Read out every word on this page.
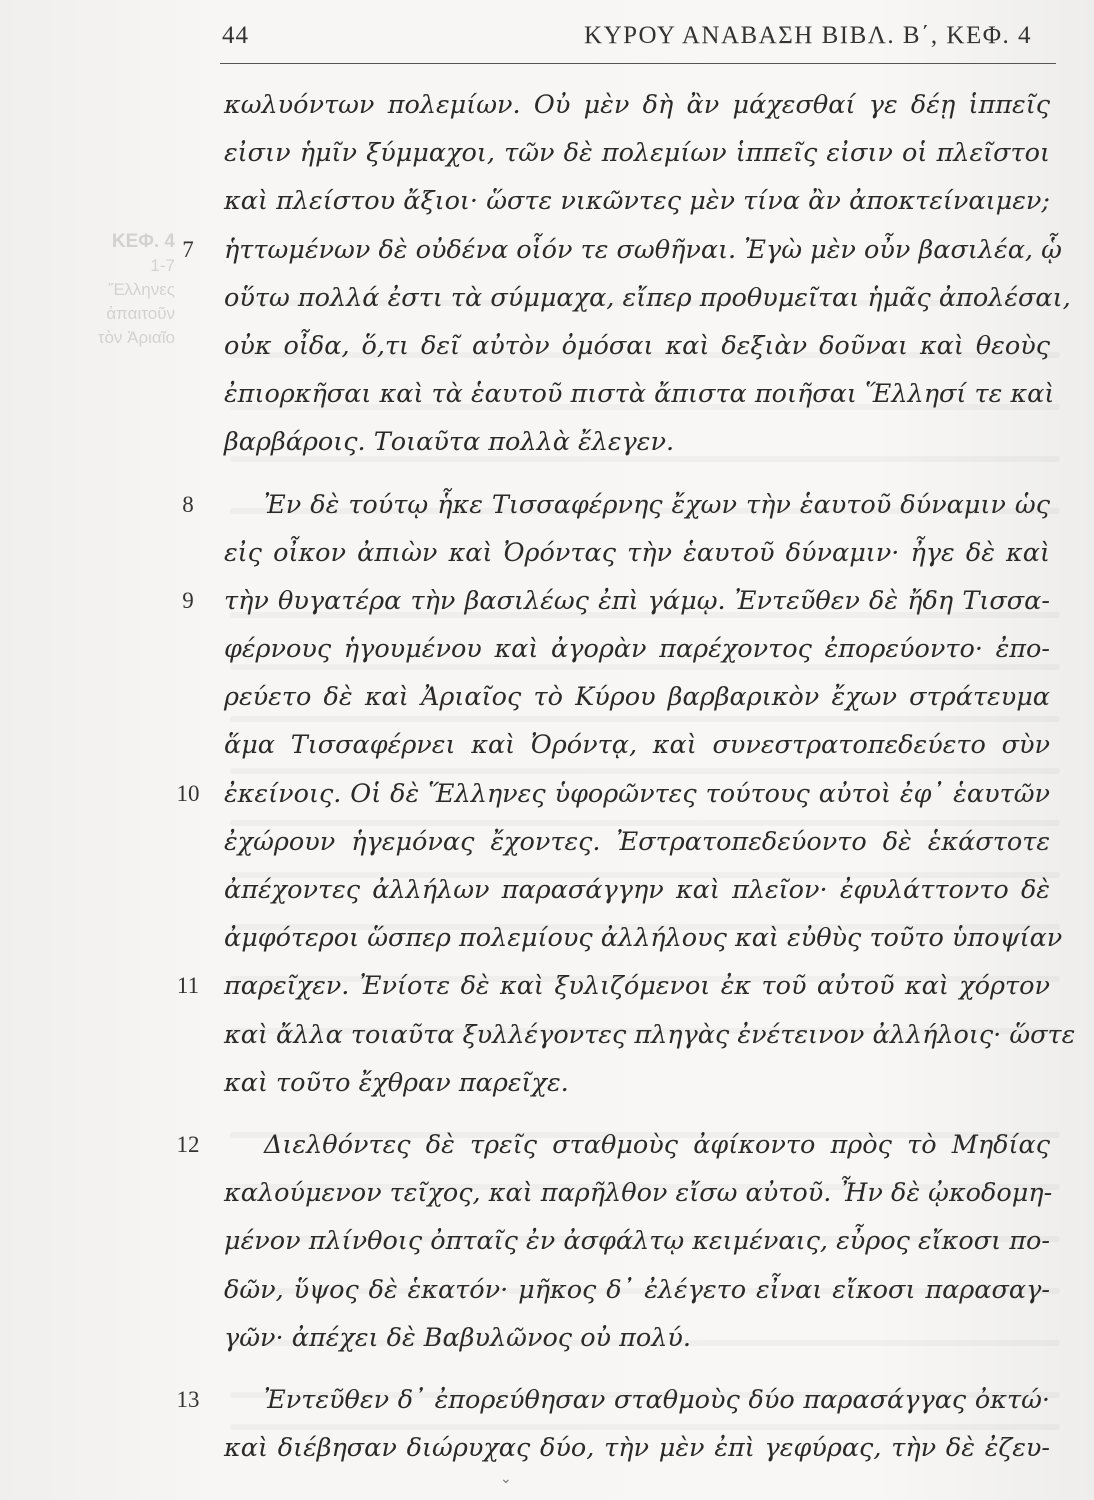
ΚΕΦ. 4
1-7
Ἕλληνες
ἀπαιτοῦν
τὸν Ἀριαῖο
44	ΚΥΡΟΥ ΑΝΑΒΑΣΗ ΒΙΒΛ. Β΄, ΚΕΦ. 4
κωλυόντων πολεμίων. Οὐ μὲν δὴ ἂν μάχεσθαί γε δέῃ ἱππεῖς
εἰσιν ἡμῖν ξύμμαχοι, τῶν δὲ πολεμίων ἱππεῖς εἰσιν οἱ πλεῖστοι
καὶ πλείστου ἄξιοι· ὥστε νικῶντες μὲν τίνα ἂν ἀποκτείναιμεν;
7	ἡττωμένων δὲ οὐδένα οἷόν τε σωθῆναι. Ἐγὼ μὲν οὖν βασιλέα, ᾧ
οὕτω πολλά ἐστι τὰ σύμμαχα, εἴπερ προθυμεῖται ἡμᾶς ἀπολέσαι,
οὐκ οἶδα, ὅ,τι δεῖ αὐτὸν ὀμόσαι καὶ δεξιὰν δοῦναι καὶ θεοὺς
ἐπιορκῆσαι καὶ τὰ ἑαυτοῦ πιστὰ ἄπιστα ποιῆσαι Ἕλλησί τε καὶ
βαρβάροις. Τοιαῦτα πολλὰ ἔλεγεν.
8	Ἐν δὲ τούτῳ ἧκε Τισσαφέρνης ἔχων τὴν ἑαυτοῦ δύναμιν ὡς
εἰς οἶκον ἀπιὼν καὶ Ὀρόντας τὴν ἑαυτοῦ δύναμιν· ἦγε δὲ καὶ
9	τὴν θυγατέρα τὴν βασιλέως ἐπὶ γάμῳ. Ἐντεῦθεν δὲ ἤδη Τισσα-
φέρνους ἡγουμένου καὶ ἀγορὰν παρέχοντος ἐπορεύοντο· ἐπο-
ρεύετο δὲ καὶ Ἀριαῖος τὸ Κύρου βαρβαρικὸν ἔχων στράτευμα
ἅμα Τισσαφέρνει καὶ Ὀρόντᾳ, καὶ συνεστρατοπεδεύετο σὺν
10 ἐκείνοις. Οἱ δὲ Ἕλληνες ὑφορῶντες τούτους αὐτοὶ ἐφ᾽ ἑαυτῶν
ἐχώρουν ἡγεμόνας ἔχοντες. Ἐστρατοπεδεύοντο δὲ ἑκάστοτε
ἀπέχοντες ἀλλήλων παρασάγγην καὶ πλεῖον· ἐφυλάττοντο δὲ
ἀμφότεροι ὥσπερ πολεμίους ἀλλήλους καὶ εὐθὺς τοῦτο ὑποψίαν
11 παρεῖχεν. Ἐνίοτε δὲ καὶ ξυλιζόμενοι ἐκ τοῦ αὐτοῦ καὶ χόρτον
καὶ ἄλλα τοιαῦτα ξυλλέγοντες πληγὰς ἐνέτεινον ἀλλήλοις· ὥστε
καὶ τοῦτο ἔχθραν παρεῖχε.
12	Διελθόντες δὲ τρεῖς σταθμοὺς ἀφίκοντο πρὸς τὸ Μηδίας
καλούμενον τεῖχος, καὶ παρῆλθον εἴσω αὐτοῦ. Ἦν δὲ ᾠκοδομη-
μένον πλίνθοις ὀπταῖς ἐν ἀσφάλτῳ κειμέναις, εὖρος εἴκοσι πο-
δῶν, ὕψος δὲ ἑκατόν· μῆκος δ᾽ ἐλέγετο εἶναι εἴκοσι παρασαγ-
γῶν· ἀπέχει δὲ Βαβυλῶνος οὐ πολύ.
13	Ἐντεῦθεν δ᾽ ἐπορεύθησαν σταθμοὺς δύο παρασάγγας ὀκτώ·
καὶ διέβησαν διώρυχας δύο, τὴν μὲν ἐπὶ γεφύρας, τὴν δὲ ἐζευ-
⌄
